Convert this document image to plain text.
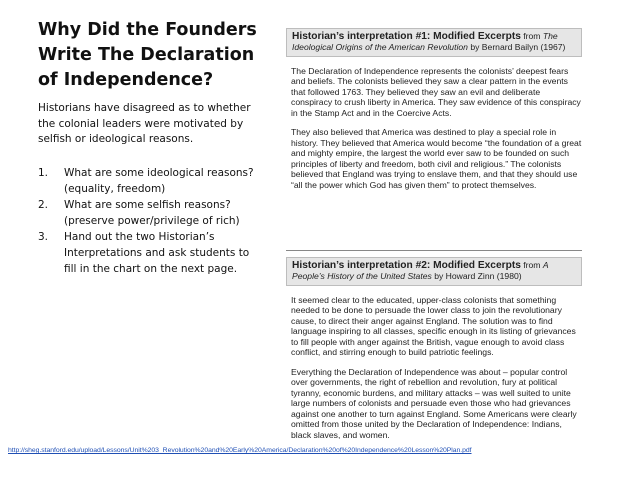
Why Did the Founders
Write The Declaration
of Independence?

Historians have disagreed as to whether the colonial leaders were motivated by selfish or ideological reasons.

1. What are some ideological reasons? (equality, freedom)
2. What are some selfish reasons? (preserve power/privilege of rich)
3. Hand out the two Historian’s Interpretations and ask students to fill in the chart on the next page.
Historian’s interpretation #1: Modified Excerpts from The Ideological Origins of the American Revolution by Bernard Bailyn (1967)

The Declaration of Independence represents the colonists’ deepest fears and beliefs. The colonists believed they saw a clear pattern in the events that followed 1763. They believed they saw an evil and deliberate conspiracy to crush liberty in America. They saw evidence of this conspiracy in the Stamp Act and in the Coercive Acts.

They also believed that America was destined to play a special role in history. They believed that America would become “the foundation of a great and mighty empire, the largest the world ever saw to be founded on such principles of liberty and freedom, both civil and religious.” The colonists believed that England was trying to enslave them, and that they should use “all the power which God has given them” to protect themselves.

Historian’s interpretation #2: Modified Excerpts from A People’s History of the United States by Howard Zinn (1980)

It seemed clear to the educated, upper-class colonists that something needed to be done to persuade the lower class to join the revolutionary cause, to direct their anger against England. The solution was to find language inspiring to all classes, specific enough in its listing of grievances to fill people with anger against the British, vague enough to avoid class conflict, and stirring enough to build patriotic feelings.

Everything the Declaration of Independence was about – popular control over governments, the right of rebellion and revolution, fury at political tyranny, economic burdens, and military attacks – was well suited to unite large numbers of colonists and persuade even those who had grievances against one another to turn against England. Some Americans were clearly omitted from those united by the Declaration of Independence: Indians, black slaves, and women.

http://sheg.stanford.edu/upload/Lessons/Unit%203_Revolution%20and%20Early%20America/Declaration%20of%20Independence%20Lesson%20Plan.pdf
